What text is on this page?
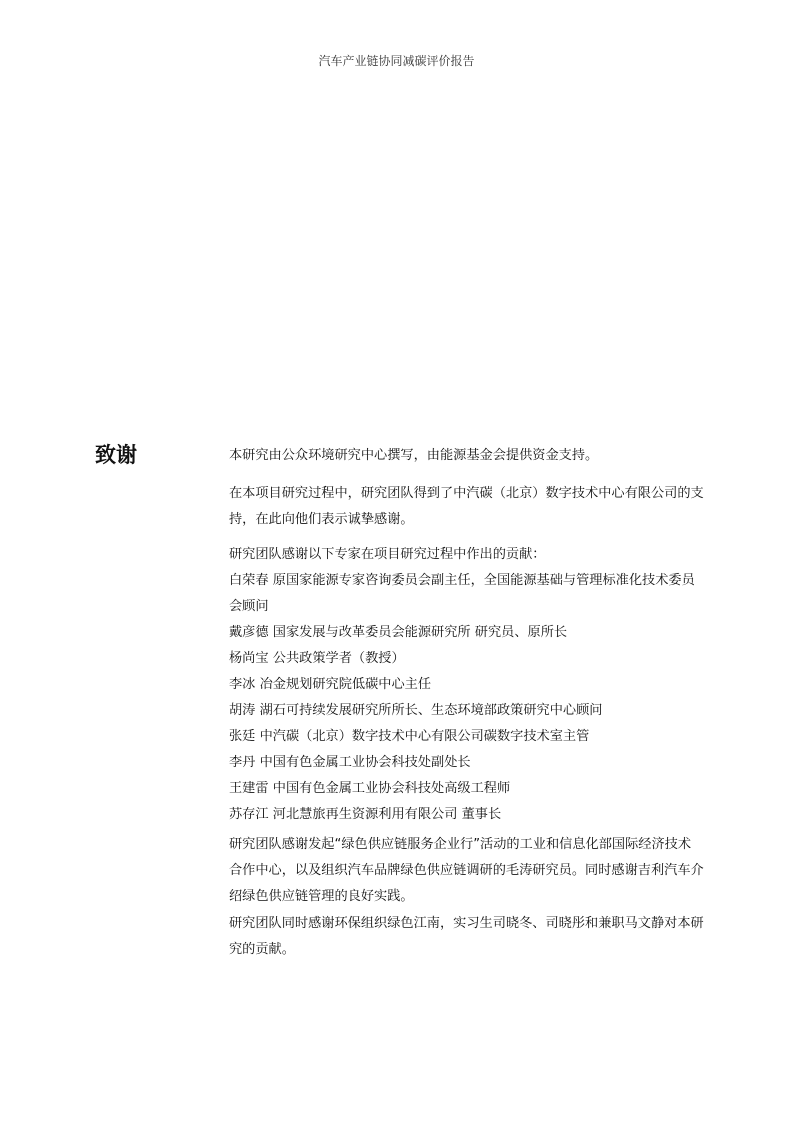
汽车产业链协同减碳评价报告
致谢	本研究由公众环境研究中心撰写，由能源基金会提供资金支持。

在本项目研究过程中，研究团队得到了中汽碳（北京）数字技术中心有限公司的支持，在此向他们表示诚挚感谢。

研究团队感谢以下专家在项目研究过程中作出的贡献：

白荣春 原国家能源专家咨询委员会副主任，全国能源基础与管理标准化技术委员会顾问

戴彦德 国家发展与改革委员会能源研究所 研究员、原所长

杨尚宝 公共政策学者（教授）

李冰 冶金规划研究院低碳中心主任

胡涛 湖石可持续发展研究所所长、生态环境部政策研究中心顾问

张廷 中汽碳（北京）数字技术中心有限公司碳数字技术室主管

李丹 中国有色金属工业协会科技处副处长

王建雷 中国有色金属工业协会科技处高级工程师

苏存江 河北慧旅再生资源利用有限公司 董事长

研究团队感谢发起“绿色供应链服务企业行”活动的工业和信息化部国际经济技术合作中心，以及组织汽车品牌绿色供应链调研的毛涛研究员。同时感谢吉利汽车介绍绿色供应链管理的良好实践。

研究团队同时感谢环保组织绿色江南，实习生司晓冬、司晓彤和兼职马文静对本研究的贡献。
